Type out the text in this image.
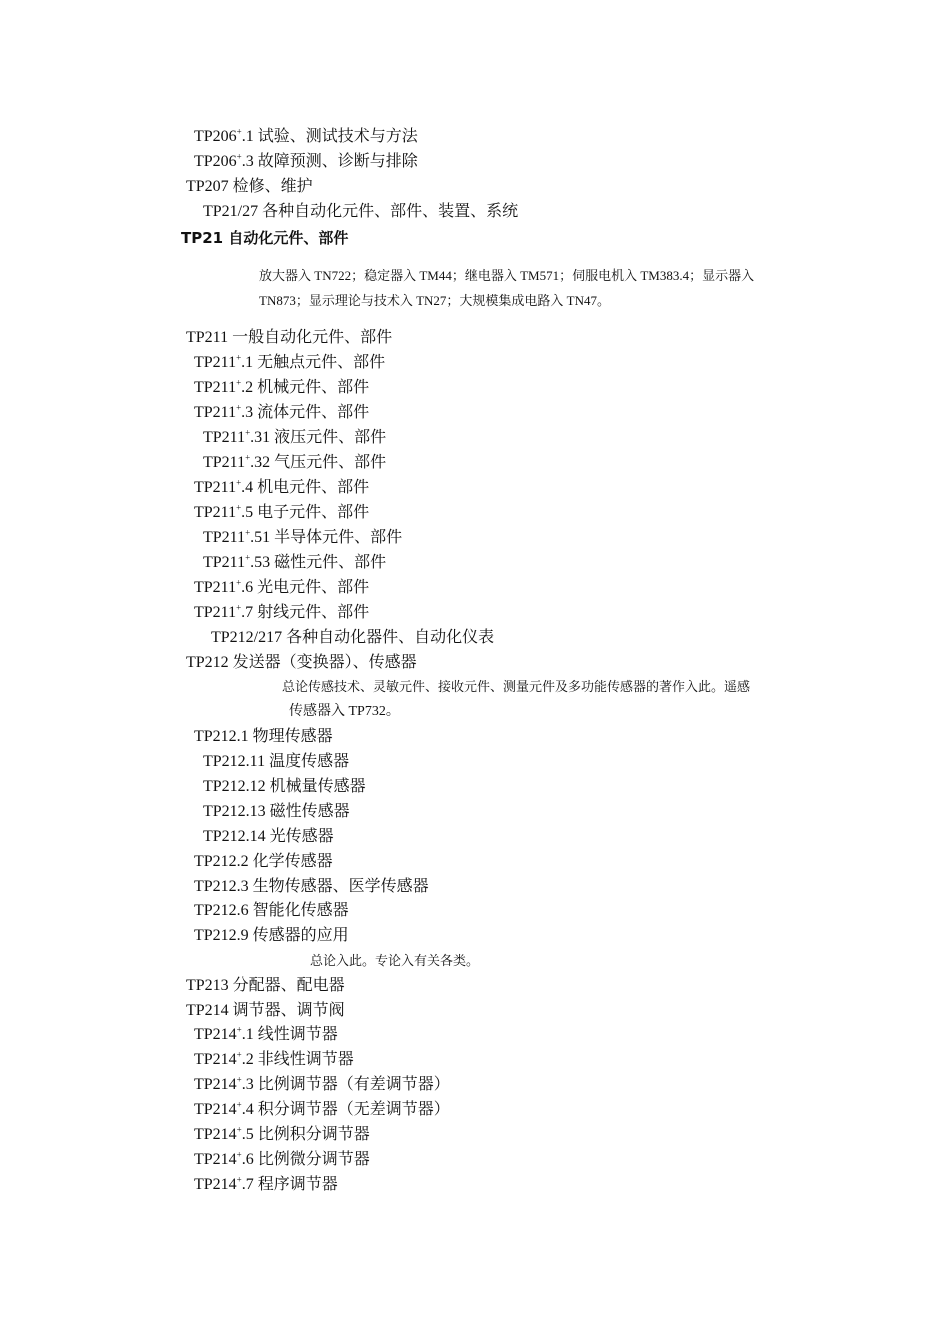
TP206+.1 试验、测试技术与方法
TP206+.3 故障预测、诊断与排除
TP207 检修、维护
TP21/27 各种自动化元件、部件、装置、系统
TP21 自动化元件、部件
放大器入 TN722；稳定器入 TM44；继电器入 TM571；伺服电机入 TM383.4；显示器入
TN873；显示理论与技术入 TN27；大规模集成电路入 TN47。
TP211 一般自动化元件、部件
TP211+.1 无触点元件、部件
TP211+.2 机械元件、部件
TP211+.3 流体元件、部件
TP211+.31 液压元件、部件
TP211+.32 气压元件、部件
TP211+.4 机电元件、部件
TP211+.5 电子元件、部件
TP211+.51 半导体元件、部件
TP211+.53 磁性元件、部件
TP211+.6 光电元件、部件
TP211+.7 射线元件、部件
TP212/217 各种自动化器件、自动化仪表
TP212 发送器（变换器）、传感器
总论传感技术、灵敏元件、接收元件、测量元件及多功能传感器的著作入此。遥感
传感器入 TP732。
TP212.1 物理传感器
TP212.11 温度传感器
TP212.12 机械量传感器
TP212.13 磁性传感器
TP212.14 光传感器
TP212.2 化学传感器
TP212.3 生物传感器、医学传感器
TP212.6 智能化传感器
TP212.9 传感器的应用
总论入此。专论入有关各类。
TP213 分配器、配电器
TP214 调节器、调节阀
TP214+.1 线性调节器
TP214+.2 非线性调节器
TP214+.3 比例调节器（有差调节器）
TP214+.4 积分调节器（无差调节器）
TP214+.5 比例积分调节器
TP214+.6 比例微分调节器
TP214+.7 程序调节器
